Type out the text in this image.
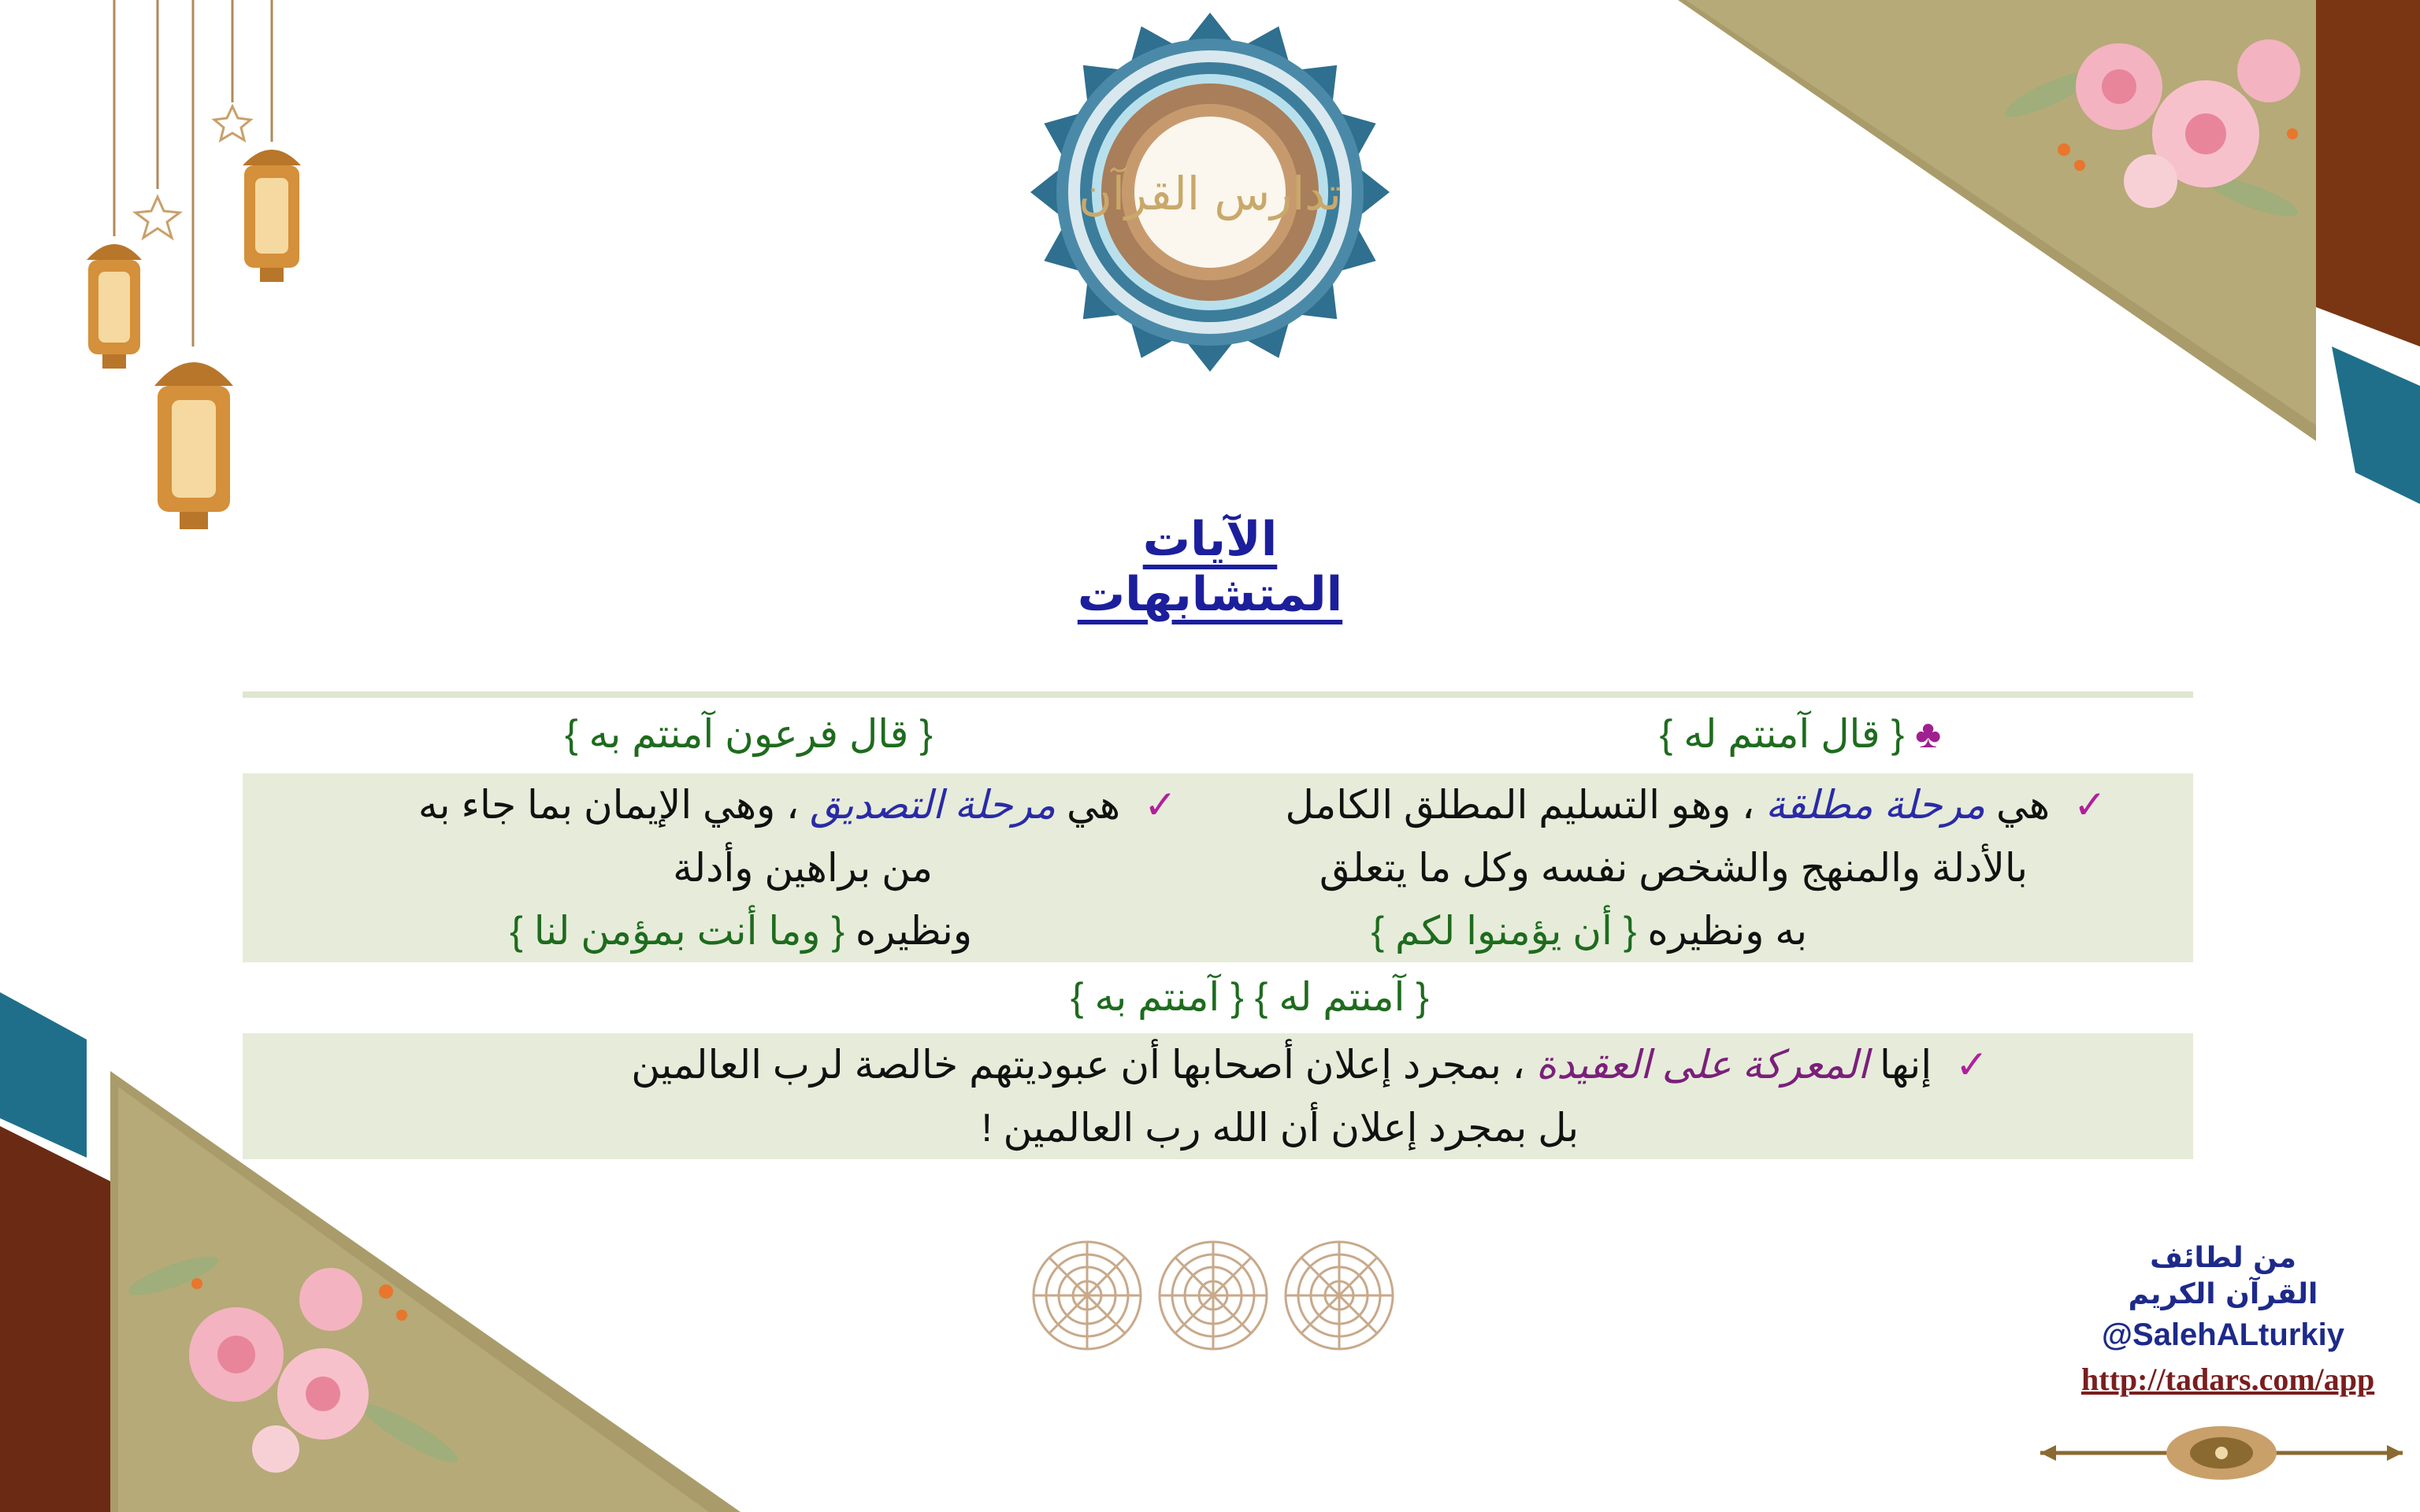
تدارس القرآن
الآيات المتشابهات
♣ { قال آمنتم له }
{ قال فرعون آمنتم به }
✓هي مرحلة مطلقة ، وهو التسليم المطلق الكامل
بالأدلة والمنهج والشخص نفسه وكل ما يتعلق
به ونظيره { أن يؤمنوا لكم }
✓هي مرحلة التصديق ، وهي الإيمان بما جاء به
من براهين وأدلة
ونظيره { وما أنت بمؤمن لنا }
{ آمنتم له } { آمنتم به }
✓إنها المعركة على العقيدة ، بمجرد إعلان أصحابها أن عبوديتهم خالصة لرب العالمين
بل بمجرد إعلان أن الله رب العالمين !
من لطائف
القرآن الكريم
@SalehALturkiy
http://tadars.com/app
